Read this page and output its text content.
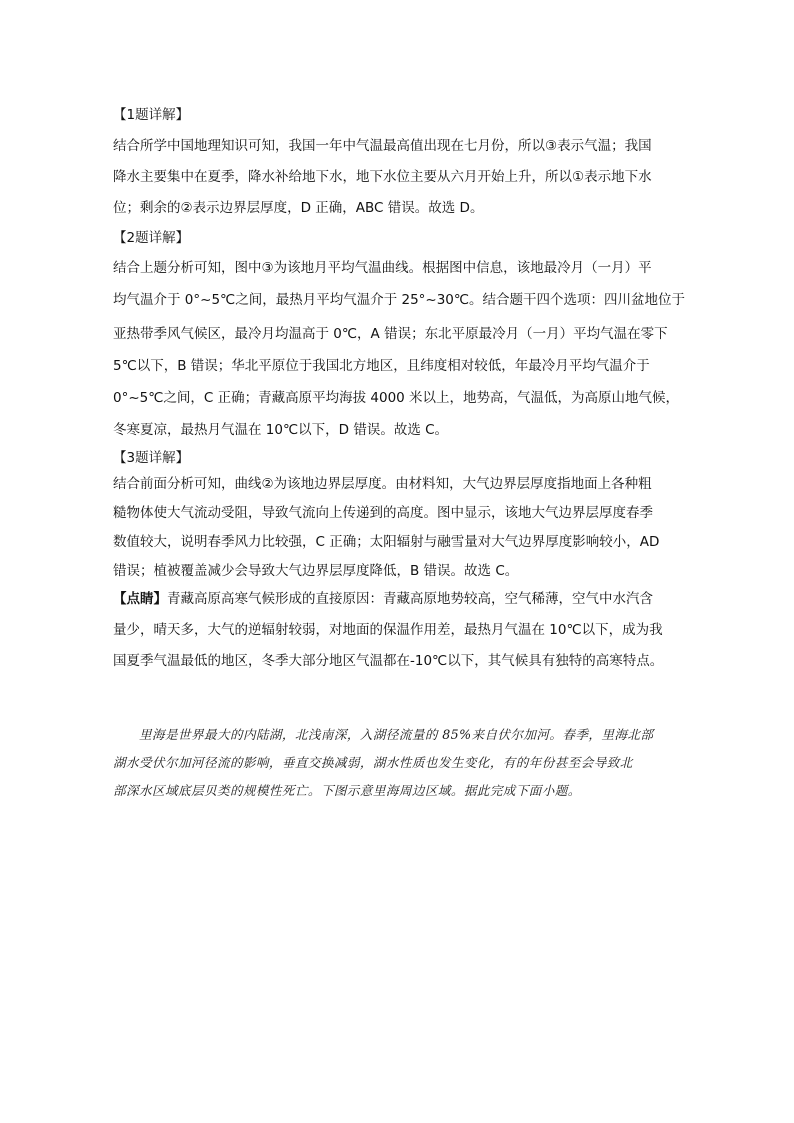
【1题详解】
结合所学中国地理知识可知，我国一年中气温最高值出现在七月份，所以③表示气温；我国
降水主要集中在夏季，降水补给地下水，地下水位主要从六月开始上升，所以①表示地下水
位；剩余的②表示边界层厚度，D 正确，ABC 错误。故选 D。
【2题详解】
结合上题分析可知，图中③为该地月平均气温曲线。根据图中信息，该地最冷月（一月）平
均气温介于 0°~5℃之间，最热月平均气温介于 25°~30℃。结合题干四个选项：四川盆地位于
亚热带季风气候区，最冷月均温高于 0℃，A 错误；东北平原最冷月（一月）平均气温在零下
5℃以下，B 错误；华北平原位于我国北方地区，且纬度相对较低，年最冷月平均气温介于
0°~5℃之间，C 正确；青藏高原平均海拔 4000 米以上，地势高，气温低，为高原山地气候，
冬寒夏凉，最热月气温在 10℃以下，D 错误。故选 C。
【3题详解】
结合前面分析可知，曲线②为该地边界层厚度。由材料知，大气边界层厚度指地面上各种粗
糙物体使大气流动受阻，导致气流向上传递到的高度。图中显示，该地大气边界层厚度春季
数值较大，说明春季风力比较强，C 正确；太阳辐射与融雪量对大气边界厚度影响较小，AD
错误；植被覆盖减少会导致大气边界层厚度降低，B 错误。故选 C。
【点睛】青藏高原高寒气候形成的直接原因：青藏高原地势较高，空气稀薄，空气中水汽含
量少，晴天多，大气的逆辐射较弱，对地面的保温作用差，最热月气温在 10℃以下，成为我
国夏季气温最低的地区，冬季大部分地区气温都在-10℃以下，其气候具有独特的高寒特点。
里海是世界最大的内陆湖，北浅南深，入湖径流量的 85%来自伏尔加河。春季，里海北部
湖水受伏尔加河径流的影响，垂直交换减弱，湖水性质也发生变化，有的年份甚至会导致北
部深水区域底层贝类的规模性死亡。下图示意里海周边区域。据此完成下面小题。
